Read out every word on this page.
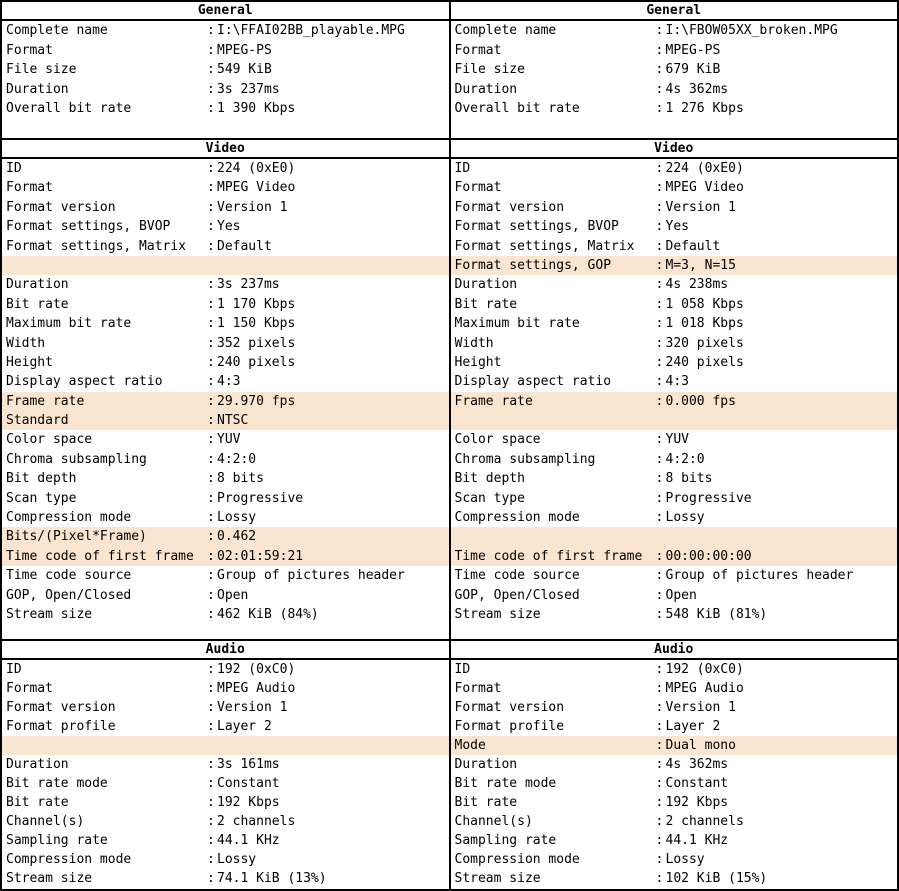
General
Complete name	: I:\FFAI02BB_playable.MPG
Format	: MPEG-PS
File size	: 549 KiB
Duration	: 3s 237ms
Overall bit rate	: 1 390 Kbps
Video
ID	: 224 (0xE0)
Format	: MPEG Video
Format version	: Version 1
Format settings, BVOP	: Yes
Format settings, Matrix	: Default
Duration	: 3s 237ms
Bit rate	: 1 170 Kbps
Maximum bit rate	: 1 150 Kbps
Width	: 352 pixels
Height	: 240 pixels
Display aspect ratio	: 4:3
Frame rate	: 29.970 fps
Standard	: NTSC
Color space	: YUV
Chroma subsampling	: 4:2:0
Bit depth	: 8 bits
Scan type	: Progressive
Compression mode	: Lossy
Bits/(Pixel*Frame)	: 0.462
Time code of first frame	: 02:01:59:21
Time code source	: Group of pictures header
GOP, Open/Closed	: Open
Stream size	: 462 KiB (84%)
Audio
ID	: 192 (0xC0)
Format	: MPEG Audio
Format version	: Version 1
Format profile	: Layer 2
Duration	: 3s 161ms
Bit rate mode	: Constant
Bit rate	: 192 Kbps
Channel(s)	: 2 channels
Sampling rate	: 44.1 KHz
Compression mode	: Lossy
Stream size	: 74.1 KiB (13%)
General
Complete name	: I:\FBOW05XX_broken.MPG
Format	: MPEG-PS
File size	: 679 KiB
Duration	: 4s 362ms
Overall bit rate	: 1 276 Kbps
Video
ID	: 224 (0xE0)
Format	: MPEG Video
Format version	: Version 1
Format settings, BVOP	: Yes
Format settings, Matrix	: Default
Format settings, GOP	: M=3, N=15
Duration	: 4s 238ms
Bit rate	: 1 058 Kbps
Maximum bit rate	: 1 018 Kbps
Width	: 320 pixels
Height	: 240 pixels
Display aspect ratio	: 4:3
Frame rate	: 0.000 fps
Color space	: YUV
Chroma subsampling	: 4:2:0
Bit depth	: 8 bits
Scan type	: Progressive
Compression mode	: Lossy
Time code of first frame	: 00:00:00:00
Time code source	: Group of pictures header
GOP, Open/Closed	: Open
Stream size	: 548 KiB (81%)
Audio
ID	: 192 (0xC0)
Format	: MPEG Audio
Format version	: Version 1
Format profile	: Layer 2
Mode	: Dual mono
Duration	: 4s 362ms
Bit rate mode	: Constant
Bit rate	: 192 Kbps
Channel(s)	: 2 channels
Sampling rate	: 44.1 KHz
Compression mode	: Lossy
Stream size	: 102 KiB (15%)
